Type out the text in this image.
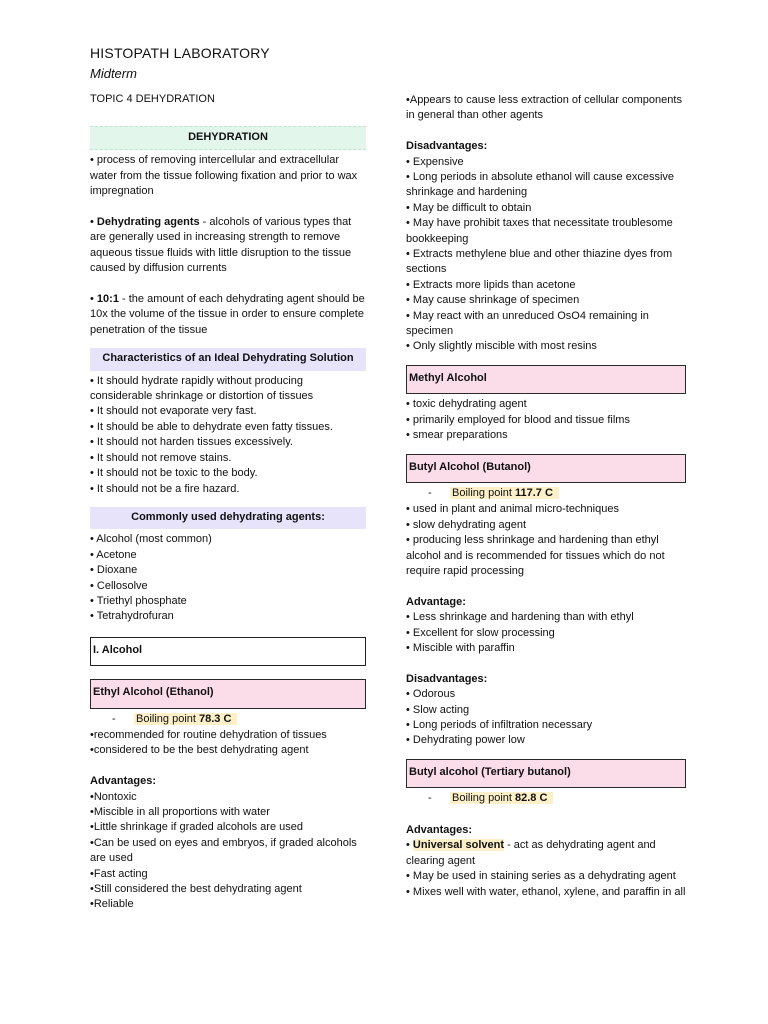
HISTOPATH LABORATORY
Midterm
TOPIC 4 DEHYDRATION
DEHYDRATION

• process of removing intercellular and extracellular water from the tissue following fixation and prior to wax impregnation

• Dehydrating agents - alcohols of various types that are generally used in increasing strength to remove aqueous tissue fluids with little disruption to the tissue caused by diffusion currents

• 10:1 - the amount of each dehydrating agent should be 10x the volume of the tissue in order to ensure complete penetration of the tissue

Characteristics of an Ideal Dehydrating Solution
• It should hydrate rapidly without producing considerable shrinkage or distortion of tissues
• It should not evaporate very fast.
• It should be able to dehydrate even fatty tissues.
• It should not harden tissues excessively.
• It should not remove stains.
• It should not be toxic to the body.
• It should not be a fire hazard.
Commonly used dehydrating agents:
• Alcohol (most common)
• Acetone
• Dioxane
• Cellosolve
• Triethyl phosphate
• Tetrahydrofuran
I. Alcohol
Ethyl Alcohol (Ethanol)
- Boiling point 78.3 C
•recommended for routine dehydration of tissues
•considered to be the best dehydrating agent
Advantages:
•Nontoxic
•Miscible in all proportions with water
•Little shrinkage if graded alcohols are used
•Can be used on eyes and embryos, if graded alcohols are used
•Fast acting
•Still considered the best dehydrating agent
•Reliable

•Appears to cause less extraction of cellular components in general than other agents

Disadvantages:
• Expensive
• Long periods in absolute ethanol will cause excessive shrinkage and hardening
• May be difficult to obtain
• May have prohibit taxes that necessitate troublesome bookkeeping
• Extracts methylene blue and other thiazine dyes from sections
• Extracts more lipids than acetone
• May cause shrinkage of specimen
• May react with an unreduced OsO4 remaining in specimen
• Only slightly miscible with most resins
Methyl Alcohol
• toxic dehydrating agent
• primarily employed for blood and tissue films
• smear preparations
Butyl Alcohol (Butanol)
- Boiling point 117.7 C
• used in plant and animal micro-techniques
• slow dehydrating agent
• producing less shrinkage and hardening than ethyl alcohol and is recommended for tissues which do not require rapid processing
Advantage:
• Less shrinkage and hardening than with ethyl
• Excellent for slow processing
• Miscible with paraffin
Disadvantages:
• Odorous
• Slow acting
• Long periods of infiltration necessary
• Dehydrating power low
Butyl alcohol (Tertiary butanol)
- Boiling point 82.8 C
Advantages:
• Universal solvent - act as dehydrating agent and clearing agent
• May be used in staining series as a dehydrating agent
• Mixes well with water, ethanol, xylene, and paraffin in all
